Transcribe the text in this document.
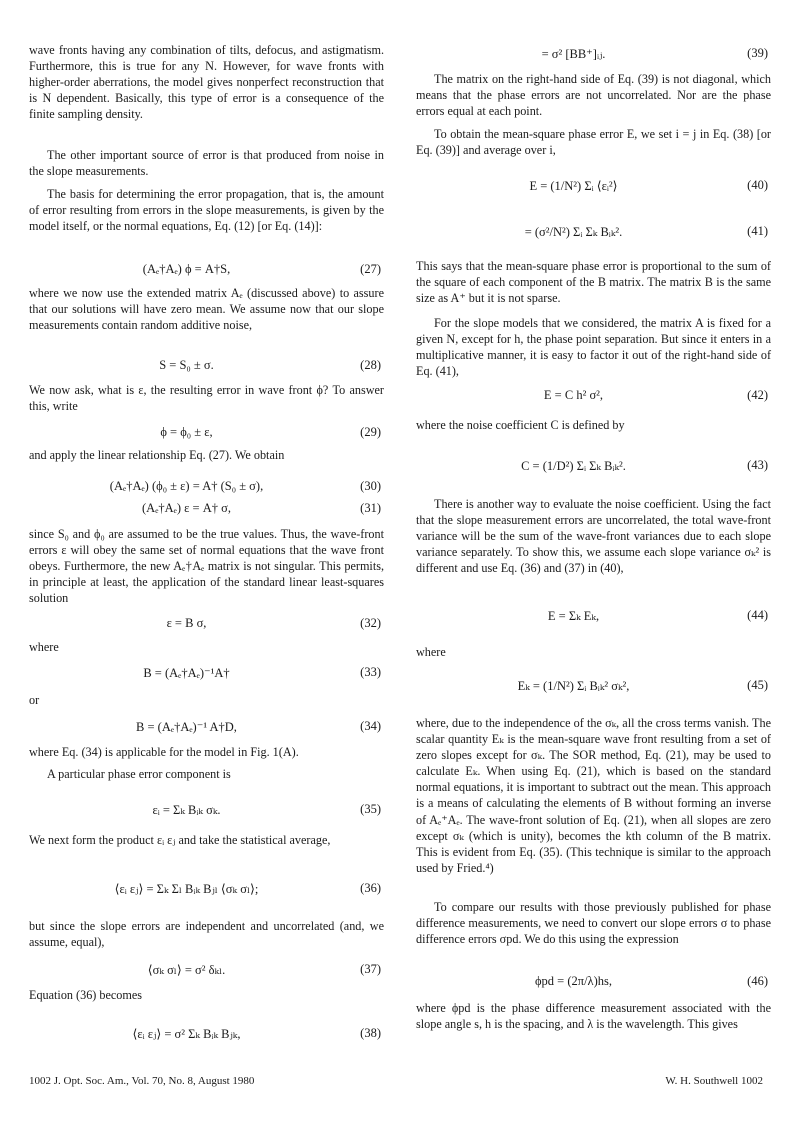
wave fronts having any combination of tilts, defocus, and astigmatism. Furthermore, this is true for any N. However, for wave fronts with higher-order aberrations, the model gives nonperfect reconstruction that is N dependent. Basically, this type of error is a consequence of the finite sampling density.

The other important source of error is that produced from noise in the slope measurements.

The basis for determining the error propagation, that is, the amount of error resulting from errors in the slope measurements, is given by the model itself, or the normal equations, Eq. (12) [or Eq. (14)]:

(Aₑ†Aₑ) ϕ = A†S,	(27)

where we now use the extended matrix Aₑ (discussed above) to assure that our solutions will have zero mean. We assume now that our slope measurements contain random additive noise,

S = S₀ ± σ.	(28)

We now ask, what is ε, the resulting error in wave front ϕ? To answer this, write

ϕ = ϕ₀ ± ε,	(29)

and apply the linear relationship Eq. (27). We obtain

(Aₑ†Aₑ) (ϕ₀ ± ε) = A† (S₀ ± σ),	(30)
(Aₑ†Aₑ) ε = A† σ,	(31)

since S₀ and ϕ₀ are assumed to be the true values. Thus, the wave-front errors ε will obey the same set of normal equations that the wave front obeys. Furthermore, the new Aₑ†Aₑ matrix is not singular. This permits, in principle at least, the application of the standard linear least-squares solution

ε = B σ,	(32)
where
B = (Aₑ†Aₑ)⁻¹A†	(33)
or
B = (Aₑ†Aₑ)⁻¹ A†D,	(34)

where Eq. (34) is applicable for the model in Fig. 1(A).

A particular phase error component is

εᵢ = Σₖ Bᵢₖ σₖ.	(35)

We next form the product εᵢ εⱼ and take the statistical average,

⟨εᵢ εⱼ⟩ = Σₖ Σₗ Bᵢₖ Bⱼₗ ⟨σₖ σₗ⟩;	(36)

but since the slope errors are independent and uncorrelated (and, we assume, equal),

⟨σₖ σₗ⟩ = σ² δₖₗ.	(37)
Equation (36) becomes
⟨εᵢ εⱼ⟩ = σ² Σₖ Bᵢₖ Bⱼₖ,	(38)
= σ² [BB⁺]ᵢⱼ.	(39)

The matrix on the right-hand side of Eq. (39) is not diagonal, which means that the phase errors are not uncorrelated. Nor are the phase errors equal at each point.

To obtain the mean-square phase error E, we set i = j in Eq. (38) [or Eq. (39)] and average over i,

E = (1/N²) Σᵢ ⟨εᵢ²⟩	(40)
= (σ²/N²) Σᵢ Σₖ Bᵢₖ².	(41)

This says that the mean-square phase error is proportional to the sum of the square of each component of the B matrix. The matrix B is the same size as A⁺ but it is not sparse.

For the slope models that we considered, the matrix A is fixed for a given N, except for h, the phase point separation. But since it enters in a multiplicative manner, it is easy to factor it out of the right-hand side of Eq. (41),

E = C h² σ²,	(42)
where the noise coefficient C is defined by
C = (1/D²) Σᵢ Σₖ Bᵢₖ².	(43)

There is another way to evaluate the noise coefficient. Using the fact that the slope measurement errors are uncorrelated, the total wave-front variance will be the sum of the wave-front variances due to each slope variance separately. To show this, we assume each slope variance σₖ² is different and use Eq. (36) and (37) in (40),

E = Σₖ Eₖ,	(44)
where
Eₖ = (1/N²) Σᵢ Bᵢₖ² σₖ²,	(45)

where, due to the independence of the σₖ, all the cross terms vanish. The scalar quantity Eₖ is the mean-square wave front resulting from a set of zero slopes except for σₖ. The SOR method, Eq. (21), may be used to calculate Eₖ. When using Eq. (21), which is based on the standard normal equations, it is important to subtract out the mean. This approach is a means of calculating the elements of B without forming an inverse of Aₑ⁺Aₑ. The wave-front solution of Eq. (21), when all slopes are zero except σₖ (which is unity), becomes the kth column of the B matrix. This is evident from Eq. (35). (This technique is similar to the approach used by Fried.⁴)

To compare our results with those previously published for phase difference measurements, we need to convert our slope errors σ to phase difference errors σpd. We do this using the expression

ϕpd = (2π/λ)hs,	(46)

where ϕpd is the phase difference measurement associated with the slope angle s, h is the spacing, and λ is the wavelength. This gives

1002 J. Opt. Soc. Am., Vol. 70, No. 8, August 1980	W. H. Southwell 1002
